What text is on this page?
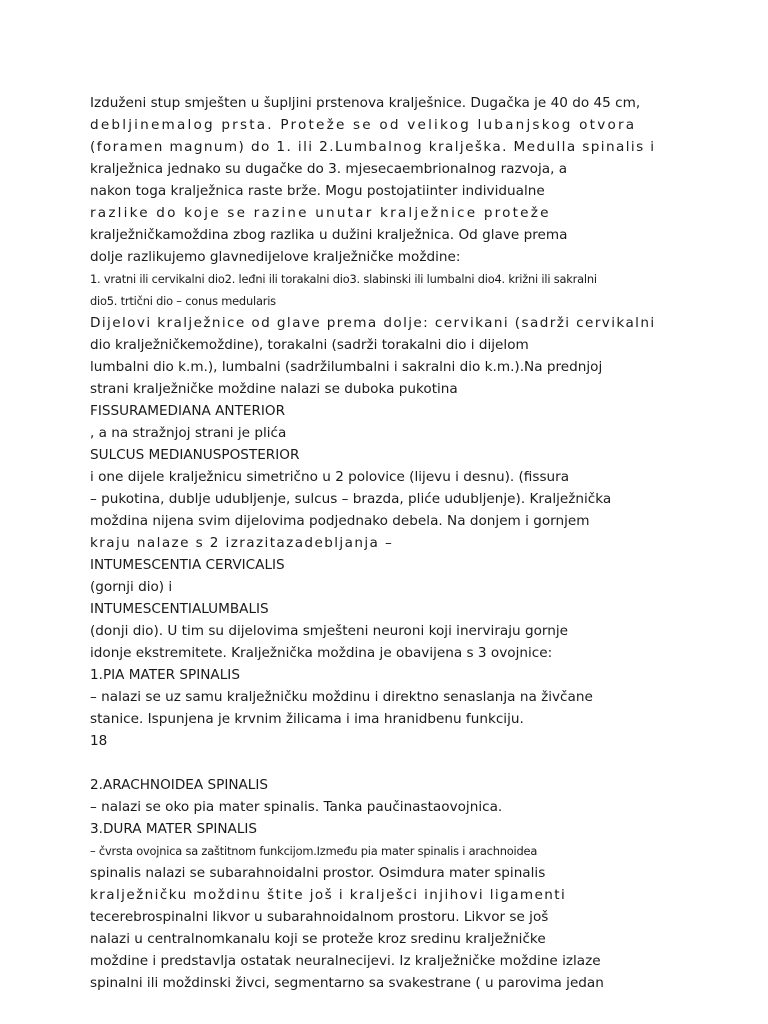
Izduženi stup smješten u šupljini prstenova kralješnice. Dugačka je 40 do 45 cm,
debljinemalog prsta. Proteže se od velikog lubanjskog otvora
(foramen magnum) do 1. ili 2.Lumbalnog kralješka. Medulla spinalis i
kralježnica jednako su dugačke do 3. mjesecaembrionalnog razvoja, a
nakon toga kralježnica raste brže. Mogu postojatiinter individualne
razlike do koje se razine unutar kralježnice proteže
kralježničkamoždina zbog razlika u dužini kralježnica. Od glave prema
dolje razlikujemo glavnedijelove kralježničke moždine:
1. vratni ili cervikalni dio2. leđni ili torakalni dio3. slabinski ili lumbalni dio4. križni ili sakralni
dio5. trtični dio – conus medularis
Dijelovi kralježnice od glave prema dolje: cervikani (sadrži cervikalni
dio kralježničkemoždine), torakalni (sadrži torakalni dio i dijelom
lumbalni dio k.m.), lumbalni (sadržilumbalni i sakralni dio k.m.).Na prednjoj
strani kralježničke moždine nalazi se duboka pukotina
FISSURAMEDIANA ANTERIOR
, a na stražnjoj strani je plića
SULCUS MEDIANUSPOSTERIOR
i one dijele kralježnicu simetrično u 2 polovice (lijevu i desnu). (fissura
– pukotina, dublje udubljenje, sulcus – brazda, pliće udubljenje). Kralježnička
moždina nijena svim dijelovima podjednako debela. Na donjem i gornjem
kraju nalaze s 2 izrazitazadebljanja –
INTUMESCENTIA CERVICALIS
(gornji dio) i
INTUMESCENTIALUMBALIS
(donji dio). U tim su dijelovima smješteni neuroni koji inerviraju gornje
idonje ekstremitete. Kralježnička moždina je obavijena s 3 ovojnice:
1.PIA MATER SPINALIS
– nalazi se uz samu kralježničku moždinu i direktno senaslanja na živčane
stanice. Ispunjena je krvnim žilicama i ima hranidbenu funkciju.
18
2.ARACHNOIDEA SPINALIS
– nalazi se oko pia mater spinalis. Tanka paučinastaovojnica.
3.DURA MATER SPINALIS
– čvrsta ovojnica sa zaštitnom funkcijom.Između pia mater spinalis i arachnoidea
spinalis nalazi se subarahnoidalni prostor. Osimdura mater spinalis
kralježničku moždinu štite još i kralješci injihovi ligamenti
tecerebrospinalni likvor u subarahnoidalnom prostoru. Likvor se još
nalazi u centralnomkanalu koji se proteže kroz sredinu kralježničke
moždine i predstavlja ostatak neuralnecijevi. Iz kralježničke moždine izlaze
spinalni ili moždinski živci, segmentarno sa svakestrane ( u parovima jedan
